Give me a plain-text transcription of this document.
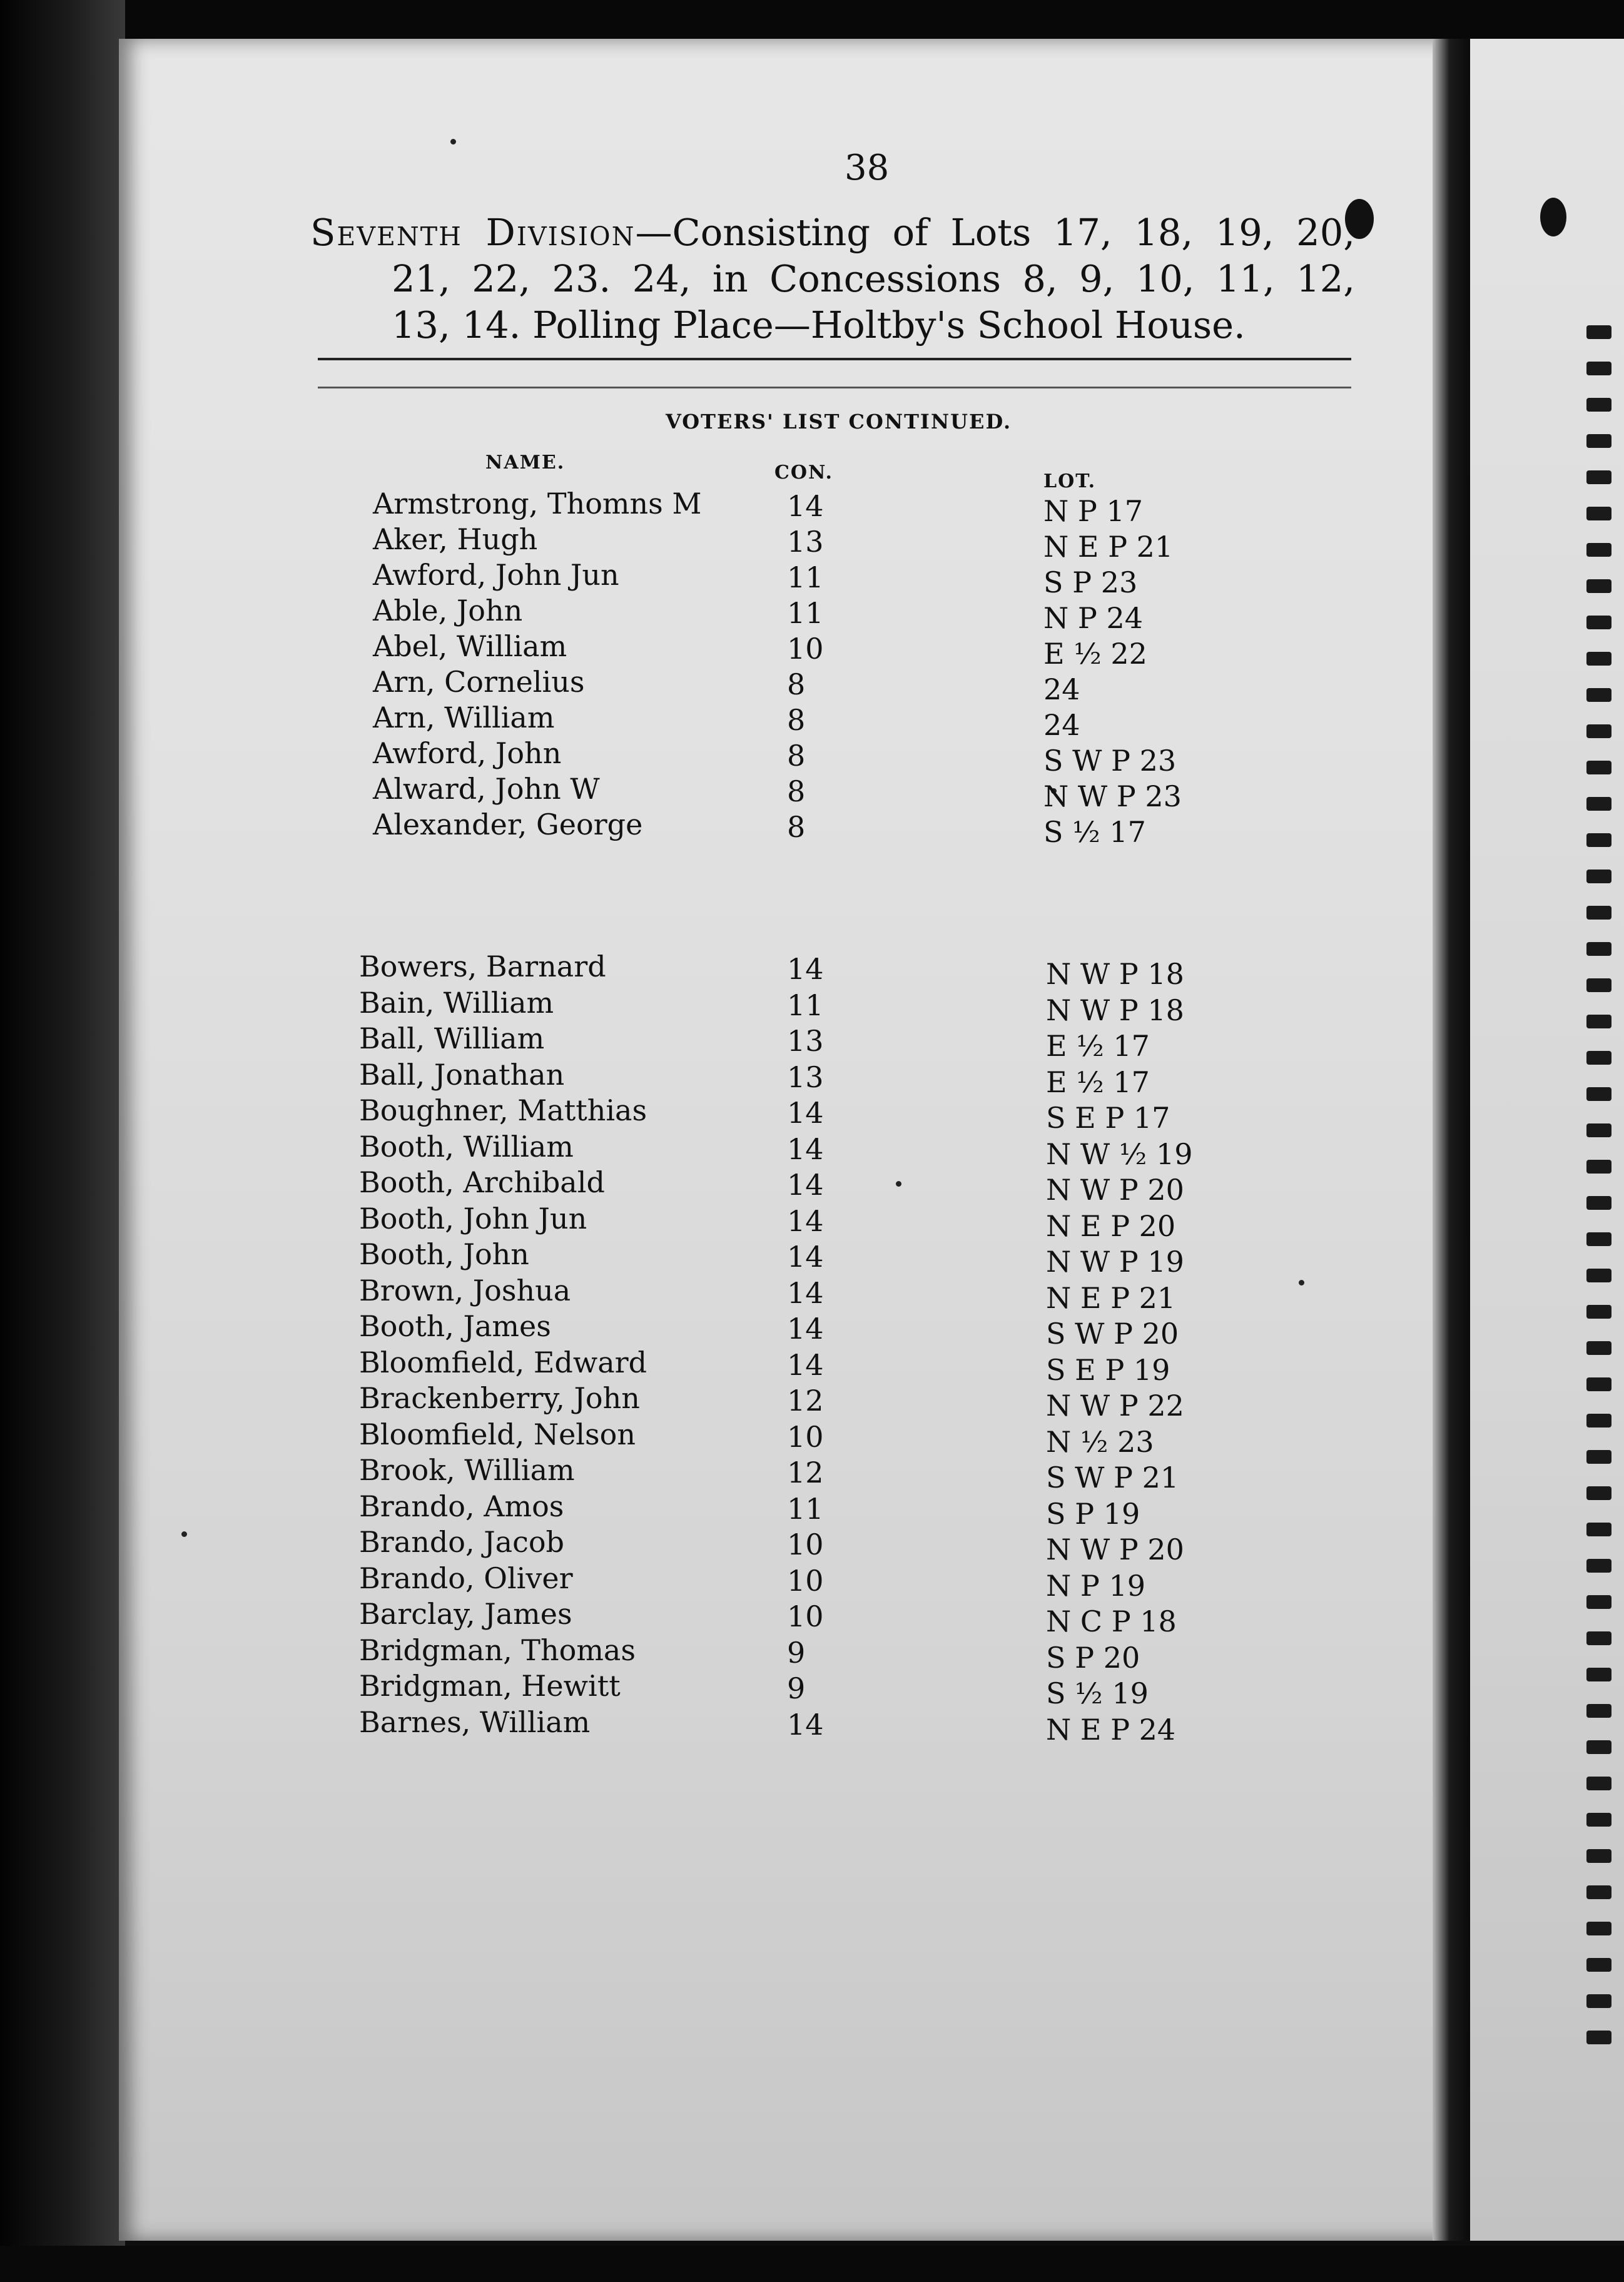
38
Seventh Division—Consisting of Lots 17, 18, 19, 20,
21, 22, 23. 24, in Concessions 8, 9, 10, 11, 12,
13, 14. Polling Place—Holtby's School House.
VOTERS' LIST CONTINUED.
NAME.	CON.	LOT.
Armstrong, Thomns M	14	N P 17
Aker, Hugh	13	N E P 21
Awford, John Jun	11	S P 23
Able, John	11	N P 24
Abel, William	10	E ½ 22
Arn, Cornelius	8	24
Arn, William	8	24
Awford, John	8	S W P 23
Alward, John W	8	N W P 23
Alexander, George	8	S ½ 17
Bowers, Barnard	14	N W P 18
Bain, William	11	N W P 18
Ball, William	13	E ½ 17
Ball, Jonathan	13	E ½ 17
Boughner, Matthias	14	S E P 17
Booth, William	14	N W ½ 19
Booth, Archibald	14	N W P 20
Booth, John Jun	14	N E P 20
Booth, John	14	N W P 19
Brown, Joshua	14	N E P 21
Booth, James	14	S W P 20
Bloomfield, Edward	14	S E P 19
Brackenberry, John	12	N W P 22
Bloomfield, Nelson	10	N ½ 23
Brook, William	12	S W P 21
Brando, Amos	11	S P 19
Brando, Jacob	10	N W P 20
Brando, Oliver	10	N P 19
Barclay, James	10	N C P 18
Bridgman, Thomas	9	S P 20
Bridgman, Hewitt	9	S ½ 19
Barnes, William	14	N E P 24
